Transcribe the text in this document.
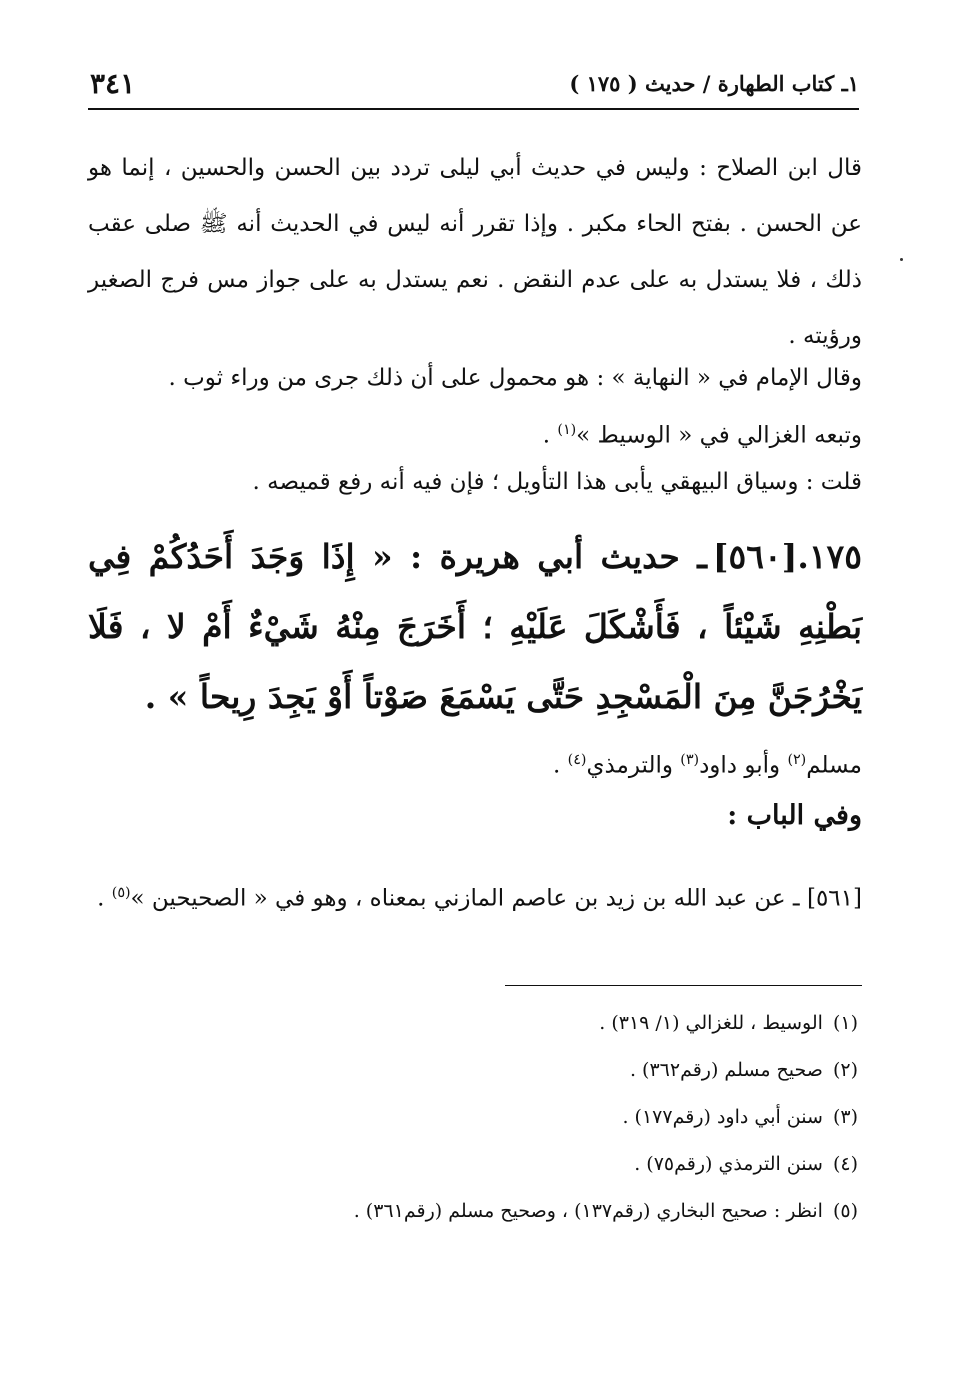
٣٤١	١ـ كتاب الطهارة / حديث ( ١٧٥ )
قال ابن الصلاح : وليس في حديث أبي ليلى تردد بين الحسن والحسين ، إنما هو عن الحسن . بفتح الحاء مكبر . وإذا تقرر أنه ليس في الحديث أنه ﷺ صلى عقب ذلك ، فلا يستدل به على عدم النقض . نعم يستدل به على جواز مس فرج الصغير ورؤيته .
وقال الإمام في « النهاية » : هو محمول على أن ذلك جرى من وراء ثوب .
وتبعه الغزالي في « الوسيط »$^{(١)}$ .
قلت : وسياق البيهقي يأبى هذا التأويل ؛ فإن فيه أنه رفع قميصه .
١٧٥.[٥٦٠]ـ حديث أبي هريرة : « إِذَا وَجَدَ أَحَدُكُمْ فِي بَطْنِهِ شَيْئاً ، فَأَشْكَلَ عَلَيْهِ ؛ أَخَرَجَ مِنْهُ شَيْءٌ أَمْ لا ، فَلَا يَخْرُجَنَّ مِنَ الْمَسْجِدِ حَتَّى يَسْمَعَ صَوْتاً أَوْ يَجِدَ رِيحاً » .
مسلم$^{(٢)}$ وأبو داود$^{(٣)}$ والترمذي$^{(٤)}$ .
وفي الباب :
[٥٦١] ـ عن عبد الله بن زيد بن عاصم المازني بمعناه ، وهو في « الصحيحين »$^{(٥)}$ .
(١)الوسيط ، للغزالي (١/ ٣١٩) .
(٢)صحيح مسلم (رقم٣٦٢) .
(٣)سنن أبي داود (رقم١٧٧) .
(٤)سنن الترمذي (رقم٧٥) .
(٥)انظر : صحيح البخاري (رقم١٣٧) ، وصحيح مسلم (رقم٣٦١) .
